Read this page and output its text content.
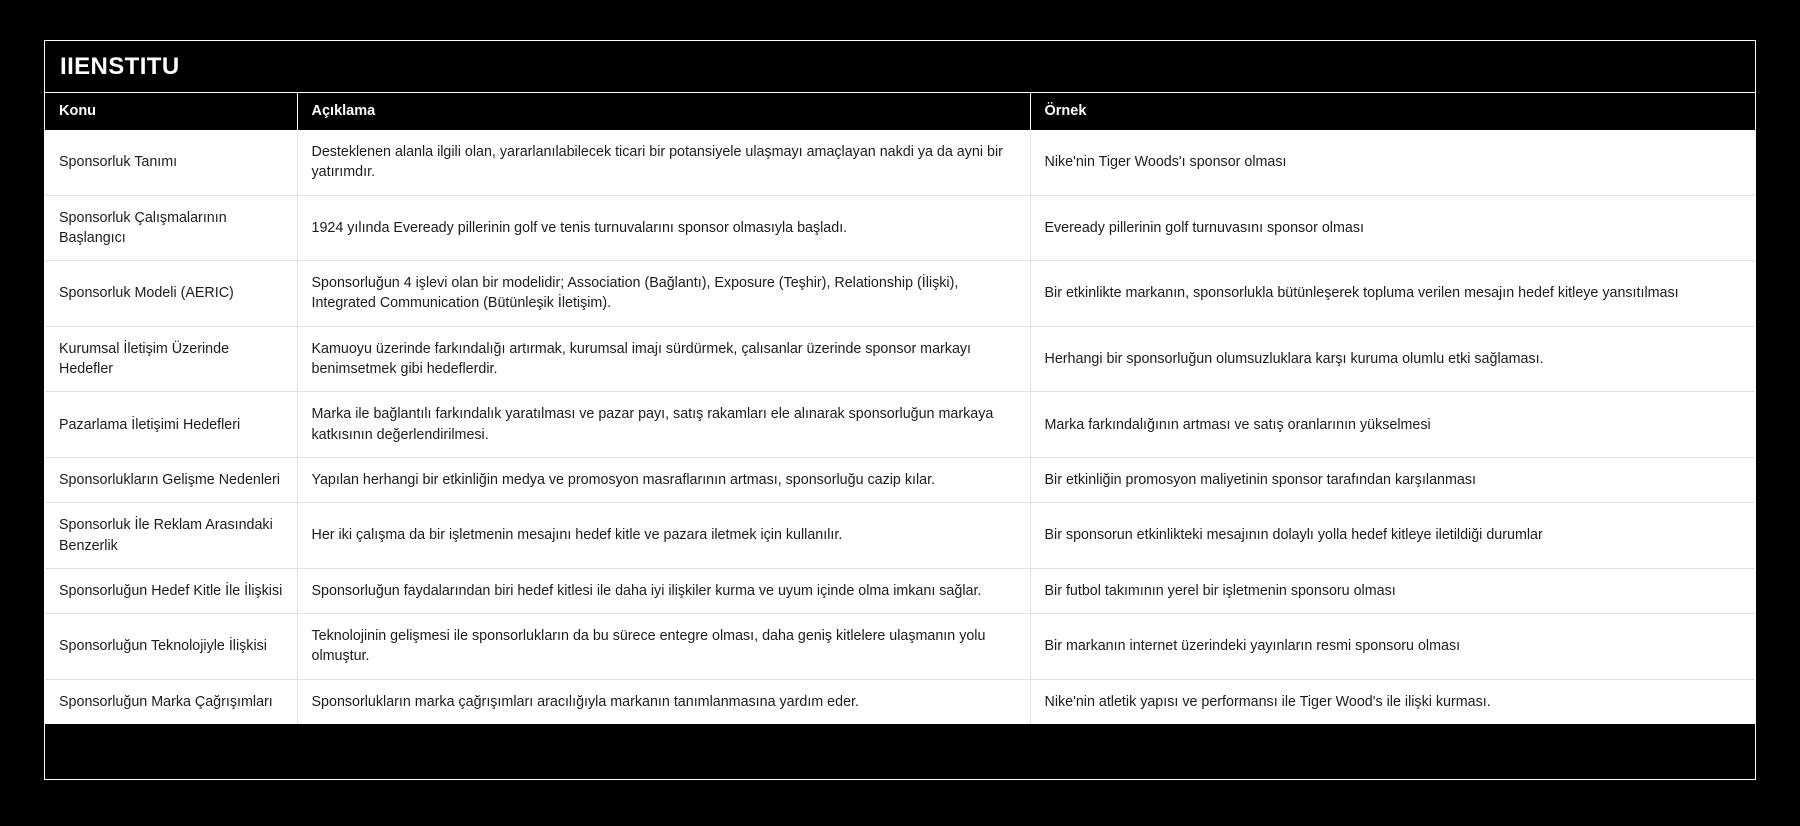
IIENSTITU
Konu	Açıklama	Örnek
Sponsorluk Tanımı	Desteklenen alanla ilgili olan, yararlanılabilecek ticari bir potansiyele ulaşmayı amaçlayan nakdi ya da ayni bir yatırımdır.	Nike'nin Tiger Woods'ı sponsor olması
Sponsorluk Çalışmalarının Başlangıcı	1924 yılında Eveready pillerinin golf ve tenis turnuvalarını sponsor olmasıyla başladı.	Eveready pillerinin golf turnuvasını sponsor olması
Sponsorluk Modeli (AERIC)	Sponsorluğun 4 işlevi olan bir modelidir; Association (Bağlantı), Exposure (Teşhir), Relationship (İlişki), Integrated Communication (Bütünleşik İletişim).	Bir etkinlikte markanın, sponsorlukla bütünleşerek topluma verilen mesajın hedef kitleye yansıtılması
Kurumsal İletişim Üzerinde Hedefler	Kamuoyu üzerinde farkındalığı artırmak, kurumsal imajı sürdürmek, çalısanlar üzerinde sponsor markayı benimsetmek gibi hedeflerdir.	Herhangi bir sponsorluğun olumsuzluklara karşı kuruma olumlu etki sağlaması.
Pazarlama İletişimi Hedefleri	Marka ile bağlantılı farkındalık yaratılması ve pazar payı, satış rakamları ele alınarak sponsorluğun markaya katkısının değerlendirilmesi.	Marka farkındalığının artması ve satış oranlarının yükselmesi
Sponsorlukların Gelişme Nedenleri	Yapılan herhangi bir etkinliğin medya ve promosyon masraflarının artması, sponsorluğu cazip kılar.	Bir etkinliğin promosyon maliyetinin sponsor tarafından karşılanması
Sponsorluk İle Reklam Arasındaki Benzerlik	Her iki çalışma da bir işletmenin mesajını hedef kitle ve pazara iletmek için kullanılır.	Bir sponsorun etkinlikteki mesajının dolaylı yolla hedef kitleye iletildiği durumlar
Sponsorluğun Hedef Kitle İle İlişkisi	Sponsorluğun faydalarından biri hedef kitlesi ile daha iyi ilişkiler kurma ve uyum içinde olma imkanı sağlar.	Bir futbol takımının yerel bir işletmenin sponsoru olması
Sponsorluğun Teknolojiyle İlişkisi	Teknolojinin gelişmesi ile sponsorlukların da bu sürece entegre olması, daha geniş kitlelere ulaşmanın yolu olmuştur.	Bir markanın internet üzerindeki yayınların resmi sponsoru olması
Sponsorluğun Marka Çağrışımları	Sponsorlukların marka çağrışımları aracılığıyla markanın tanımlanmasına yardım eder.	Nike'nin atletik yapısı ve performansı ile Tiger Wood's ile ilişki kurması.
